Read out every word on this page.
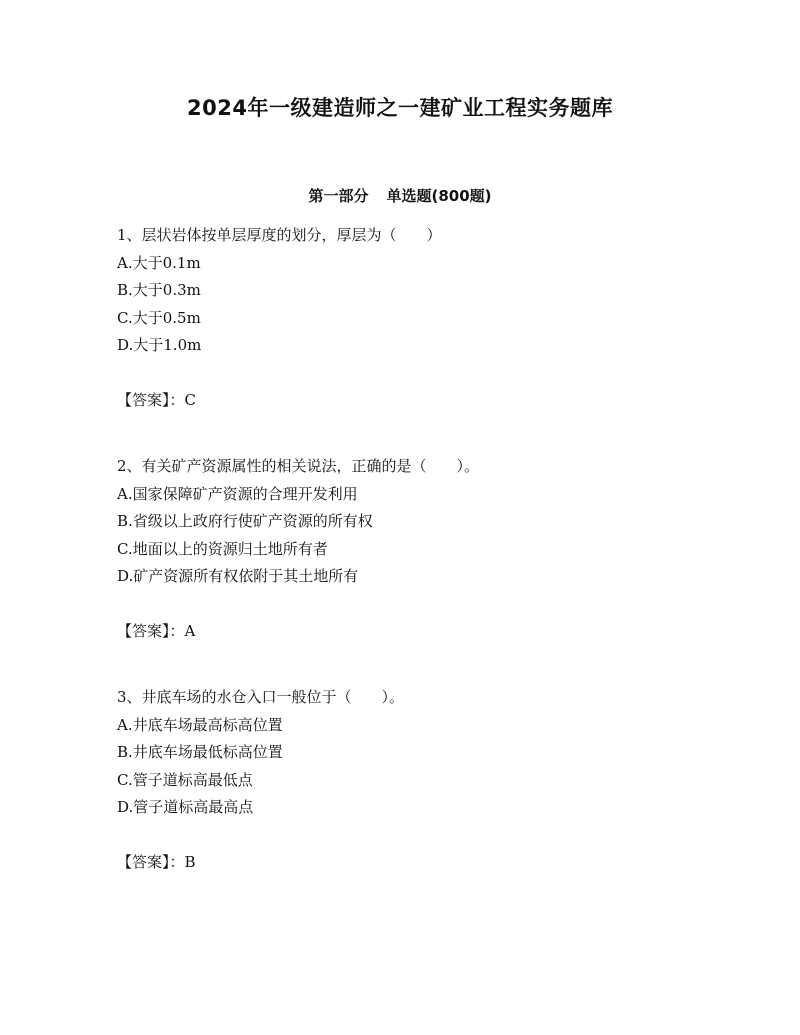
2024年一级建造师之一建矿业工程实务题库
第一部分 单选题(800题)
1、层状岩体按单层厚度的划分，厚层为（　　）
A.大于0.1m
B.大于0.3m
C.大于0.5m
D.大于1.0m
【答案】：C
2、有关矿产资源属性的相关说法，正确的是（　　）。
A.国家保障矿产资源的合理开发利用
B.省级以上政府行使矿产资源的所有权
C.地面以上的资源归土地所有者
D.矿产资源所有权依附于其土地所有
【答案】：A
3、井底车场的水仓入口一般位于（　　）。
A.井底车场最高标高位置
B.井底车场最低标高位置
C.管子道标高最低点
D.管子道标高最高点
【答案】：B
